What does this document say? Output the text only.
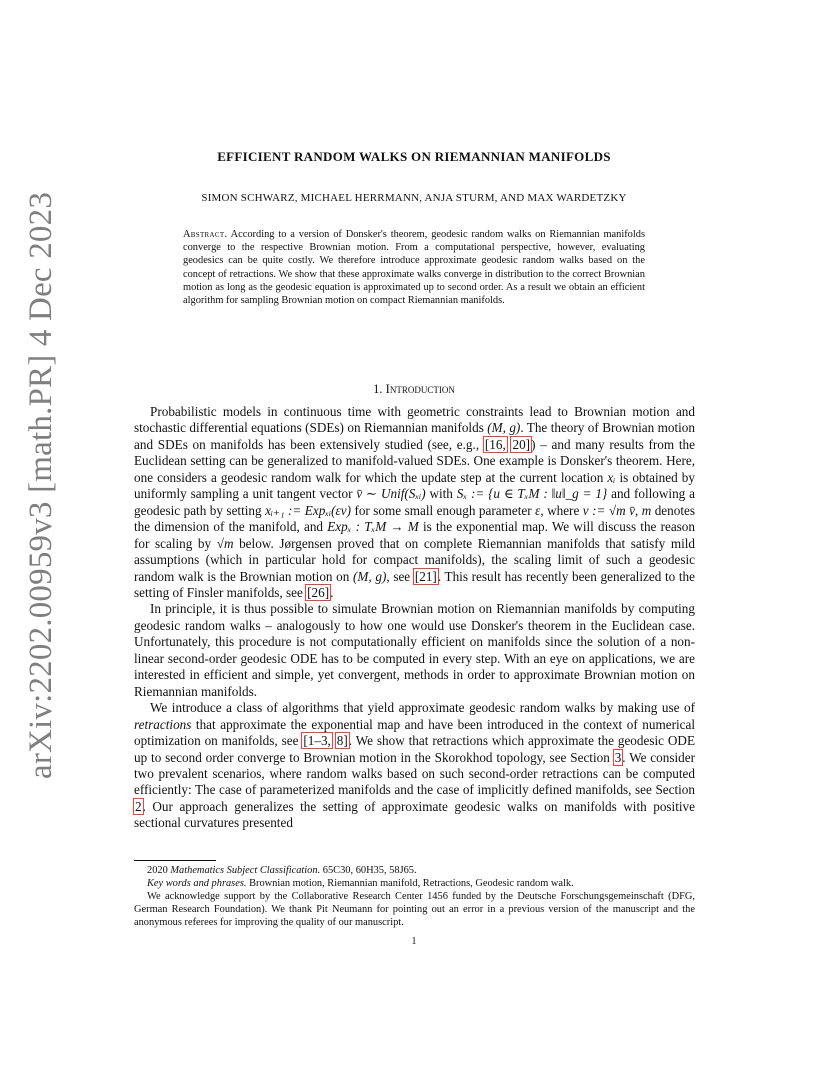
arXiv:2202.00959v3 [math.PR] 4 Dec 2023
EFFICIENT RANDOM WALKS ON RIEMANNIAN MANIFOLDS
SIMON SCHWARZ, MICHAEL HERRMANN, ANJA STURM, AND MAX WARDETZKY
Abstract. According to a version of Donsker's theorem, geodesic random walks on Riemannian manifolds converge to the respective Brownian motion. From a computational perspective, however, evaluating geodesics can be quite costly. We therefore introduce approximate geodesic random walks based on the concept of retractions. We show that these approximate walks converge in distribution to the correct Brownian motion as long as the geodesic equation is approximated up to second order. As a result we obtain an efficient algorithm for sampling Brownian motion on compact Riemannian manifolds.
1. Introduction

Probabilistic models in continuous time with geometric constraints lead to Brownian motion and stochastic differential equations (SDEs) on Riemannian manifolds (M, g). The theory of Brownian motion and SDEs on manifolds has been extensively studied (see, e.g., [16, 20]) – and many results from the Euclidean setting can be generalized to manifold-valued SDEs. One example is Donsker's theorem. Here, one considers a geodesic random walk for which the update step at the current location xᵢ is obtained by uniformly sampling a unit tangent vector v̄ ∼ Unif(Sₓᵢ) with Sₓ := {u ∈ TₓM : ‖u‖_g = 1} and following a geodesic path by setting xᵢ₊₁ := Expₓᵢ(εv) for some small enough parameter ε, where v := √m v̄, m denotes the dimension of the manifold, and Expₓ : TₓM → M is the exponential map. We will discuss the reason for scaling by √m below. Jørgensen proved that on complete Riemannian manifolds that satisfy mild assumptions (which in particular hold for compact manifolds), the scaling limit of such a geodesic random walk is the Brownian motion on (M, g), see [21]. This result has recently been generalized to the setting of Finsler manifolds, see [26].

In principle, it is thus possible to simulate Brownian motion on Riemannian manifolds by computing geodesic random walks – analogously to how one would use Donsker's theorem in the Euclidean case. Unfortunately, this procedure is not computationally efficient on manifolds since the solution of a non-linear second-order geodesic ODE has to be computed in every step. With an eye on applications, we are interested in efficient and simple, yet convergent, methods in order to approximate Brownian motion on Riemannian manifolds.

We introduce a class of algorithms that yield approximate geodesic random walks by making use of retractions that approximate the exponential map and have been introduced in the context of numerical optimization on manifolds, see [1–3, 8]. We show that retractions which approximate the geodesic ODE up to second order converge to Brownian motion in the Skorokhod topology, see Section 3. We consider two prevalent scenarios, where random walks based on such second-order retractions can be computed efficiently: The case of parameterized manifolds and the case of implicitly defined manifolds, see Section 2. Our approach generalizes the setting of approximate geodesic walks on manifolds with positive sectional curvatures presented

2020 Mathematics Subject Classification. 65C30, 60H35, 58J65.

Key words and phrases. Brownian motion, Riemannian manifold, Retractions, Geodesic random walk.

We acknowledge support by the Collaborative Research Center 1456 funded by the Deutsche Forschungsgemeinschaft (DFG, German Research Foundation). We thank Pit Neumann for pointing out an error in a previous version of the manuscript and the anonymous referees for improving the quality of our manuscript.

1
